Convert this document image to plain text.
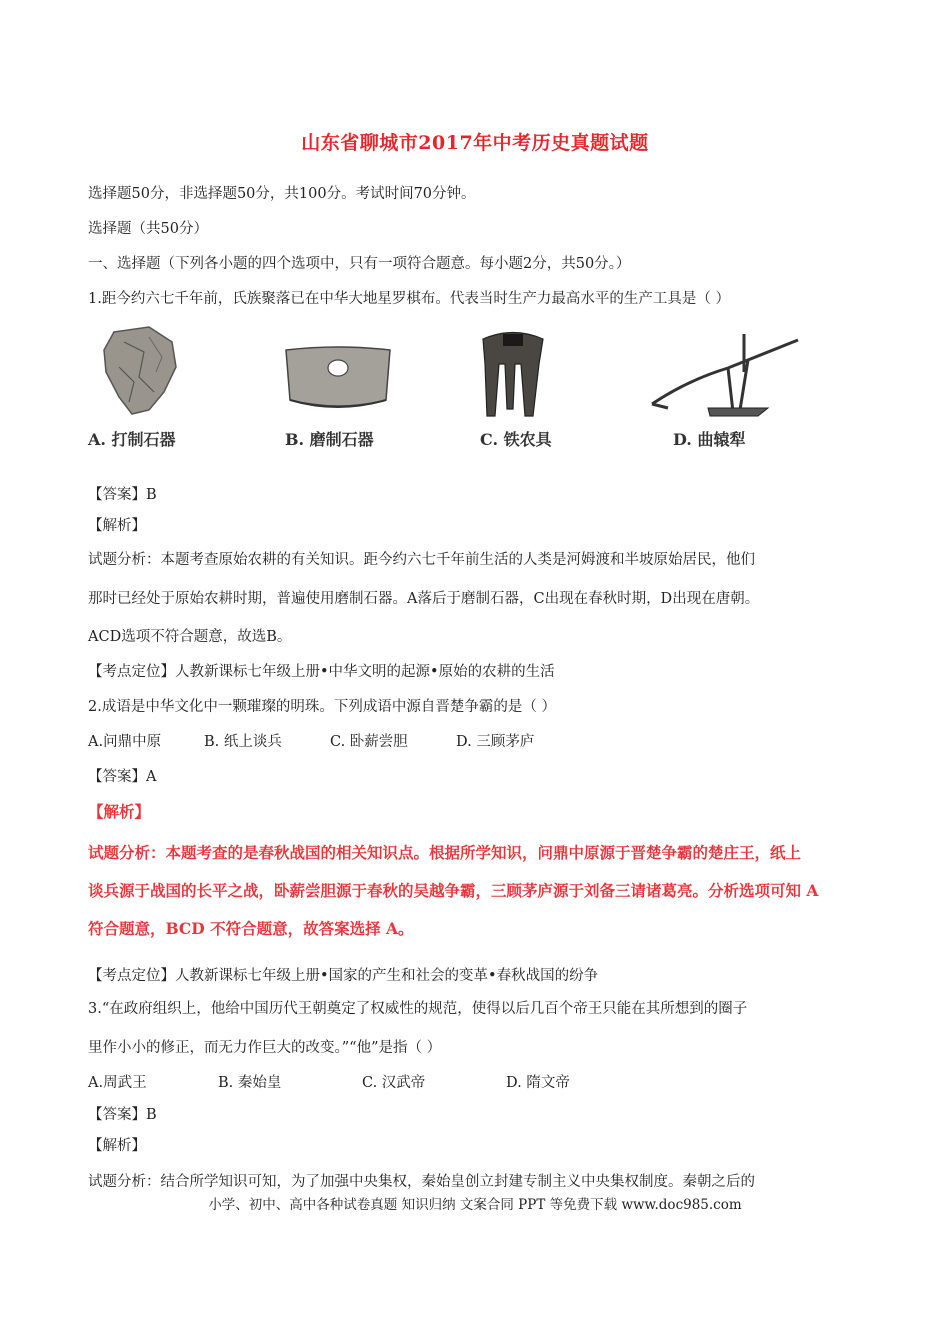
山东省聊城市2017年中考历史真题试题
选择题50分，非选择题50分，共100分。考试时间70分钟。
选择题（共50分）
一、选择题（下列各小题的四个选项中，只有一项符合题意。每小题2分，共50分。）
1.距今约六七千年前，氏族聚落已在中华大地星罗棋布。代表当时生产力最高水平的生产工具是（ ）
A. 打制石器	B. 磨制石器	C. 铁农具	D. 曲辕犁
【答案】B
【解析】
试题分析：本题考查原始农耕的有关知识。距今约六七千年前生活的人类是河姆渡和半坡原始居民，他们
那时已经处于原始农耕时期，普遍使用磨制石器。A落后于磨制石器，C出现在春秋时期，D出现在唐朝。
ACD选项不符合题意，故选B。
【考点定位】人教新课标七年级上册•中华文明的起源•原始的农耕的生活
2.成语是中华文化中一颗璀璨的明珠。下列成语中源自晋楚争霸的是（ ）
A.问鼎中原	B. 纸上谈兵	C. 卧薪尝胆	D. 三顾茅庐
【答案】A
【解析】
试题分析：本题考查的是春秋战国的相关知识点。根据所学知识，问鼎中原源于晋楚争霸的楚庄王，纸上
谈兵源于战国的长平之战，卧薪尝胆源于春秋的吴越争霸，三顾茅庐源于刘备三请诸葛亮。分析选项可知 A
符合题意，BCD 不符合题意，故答案选择 A。
【考点定位】人教新课标七年级上册•国家的产生和社会的变革•春秋战国的纷争
3.“在政府组织上，他给中国历代王朝奠定了权威性的规范，使得以后几百个帝王只能在其所想到的圈子
里作小小的修正，而无力作巨大的改变。”“他”是指（ ）
A.周武王	B. 秦始皇	C. 汉武帝	D. 隋文帝
【答案】B
【解析】
试题分析：结合所学知识可知，为了加强中央集权，秦始皇创立封建专制主义中央集权制度。秦朝之后的
小学、初中、高中各种试卷真题 知识归纳 文案合同 PPT 等免费下载 www.doc985.com
